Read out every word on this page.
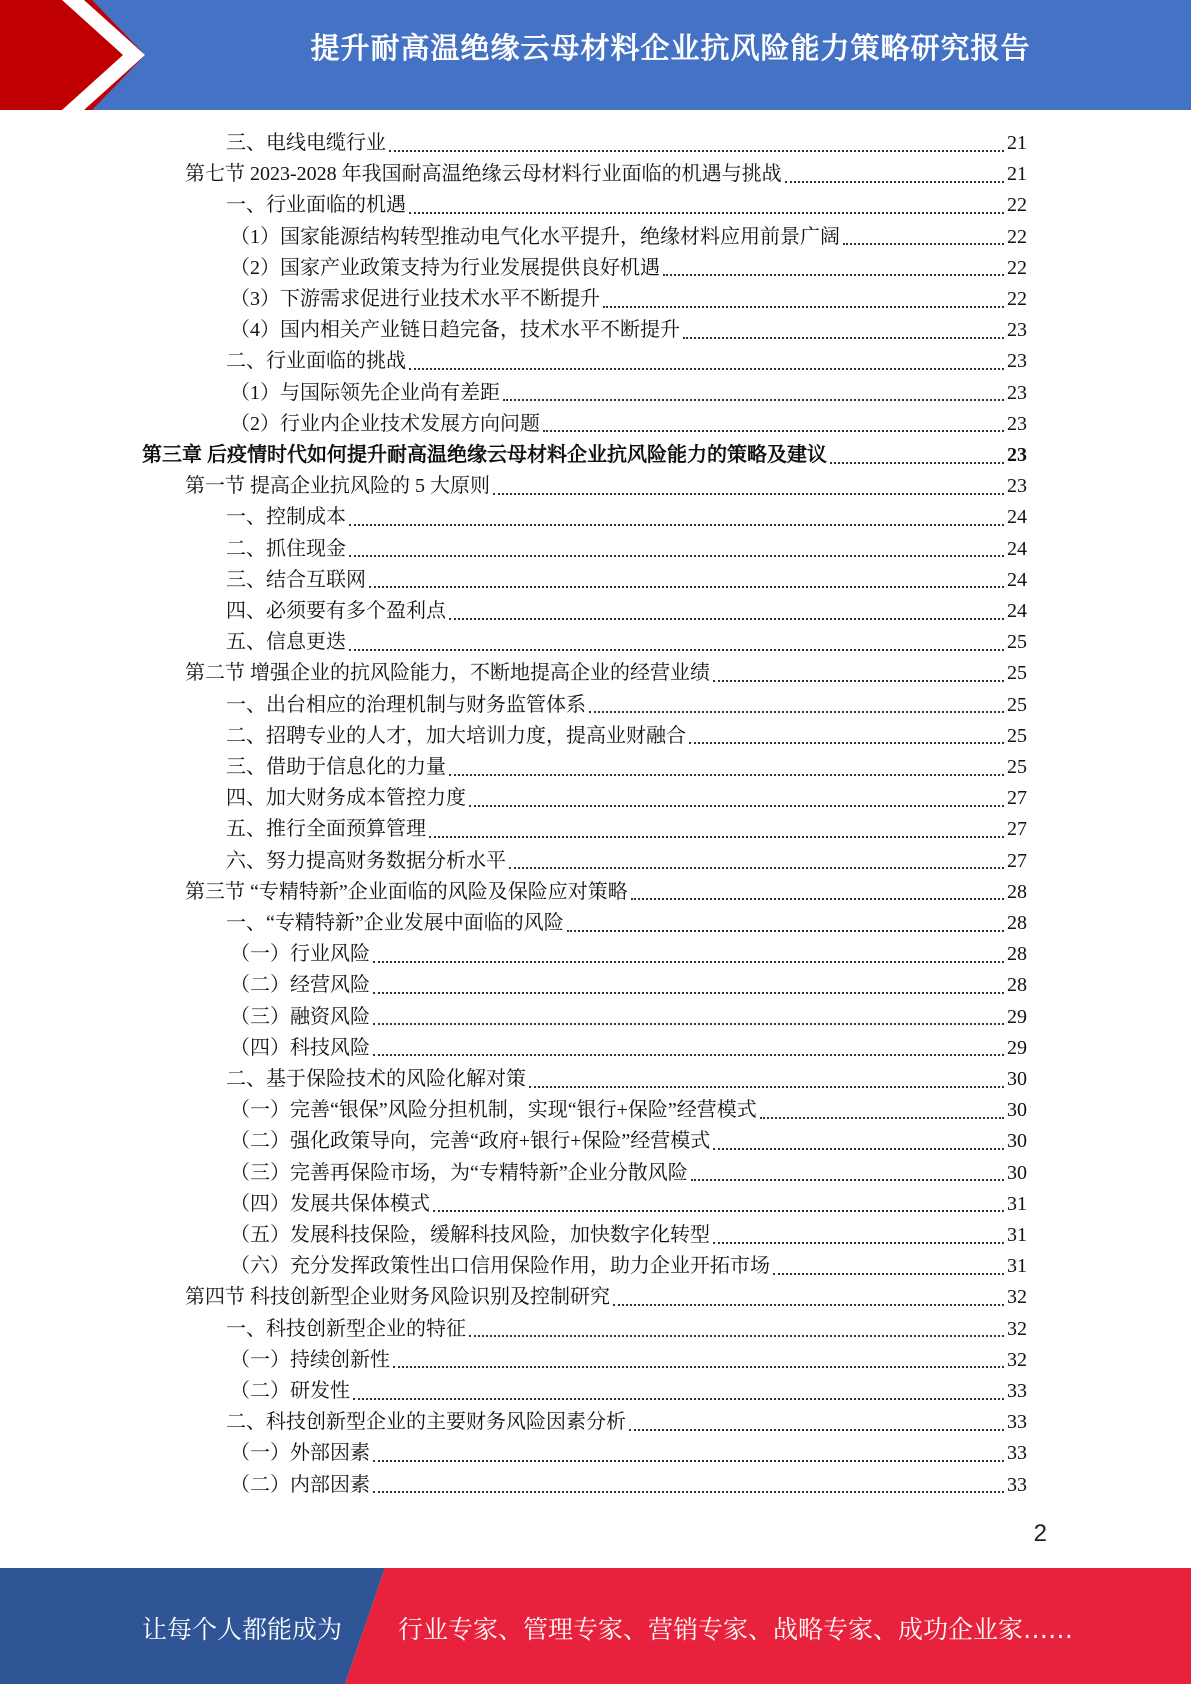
提升耐高温绝缘云母材料企业抗风险能力策略研究报告
三、电线电缆行业	21
第七节 2023-2028 年我国耐高温绝缘云母材料行业面临的机遇与挑战	21
一、行业面临的机遇	22
（1）国家能源结构转型推动电气化水平提升，绝缘材料应用前景广阔	22
（2）国家产业政策支持为行业发展提供良好机遇	22
（3）下游需求促进行业技术水平不断提升	22
（4）国内相关产业链日趋完备，技术水平不断提升	23
二、行业面临的挑战	23
（1）与国际领先企业尚有差距	23
（2）行业内企业技术发展方向问题	23
第三章 后疫情时代如何提升耐高温绝缘云母材料企业抗风险能力的策略及建议	23
第一节 提高企业抗风险的 5 大原则	23
一、控制成本	24
二、抓住现金	24
三、结合互联网	24
四、必须要有多个盈利点	24
五、信息更迭	25
第二节 增强企业的抗风险能力，不断地提高企业的经营业绩	25
一、出台相应的治理机制与财务监管体系	25
二、招聘专业的人才，加大培训力度，提高业财融合	25
三、借助于信息化的力量	25
四、加大财务成本管控力度	27
五、推行全面预算管理	27
六、努力提高财务数据分析水平	27
第三节 “专精特新”企业面临的风险及保险应对策略	28
一、“专精特新”企业发展中面临的风险	28
（一）行业风险	28
（二）经营风险	28
（三）融资风险	29
（四）科技风险	29
二、基于保险技术的风险化解对策	30
（一）完善“银保”风险分担机制，实现“银行+保险”经营模式	30
（二）强化政策导向，完善“政府+银行+保险”经营模式	30
（三）完善再保险市场，为“专精特新”企业分散风险	30
（四）发展共保体模式	31
（五）发展科技保险，缓解科技风险，加快数字化转型	31
（六）充分发挥政策性出口信用保险作用，助力企业开拓市场	31
第四节 科技创新型企业财务风险识别及控制研究	32
一、科技创新型企业的特征	32
（一）持续创新性	32
（二）研发性	33
二、科技创新型企业的主要财务风险因素分析	33
（一）外部因素	33
（二）内部因素	33
2
让每个人都能成为 行业专家、管理专家、营销专家、战略专家、成功企业家……
